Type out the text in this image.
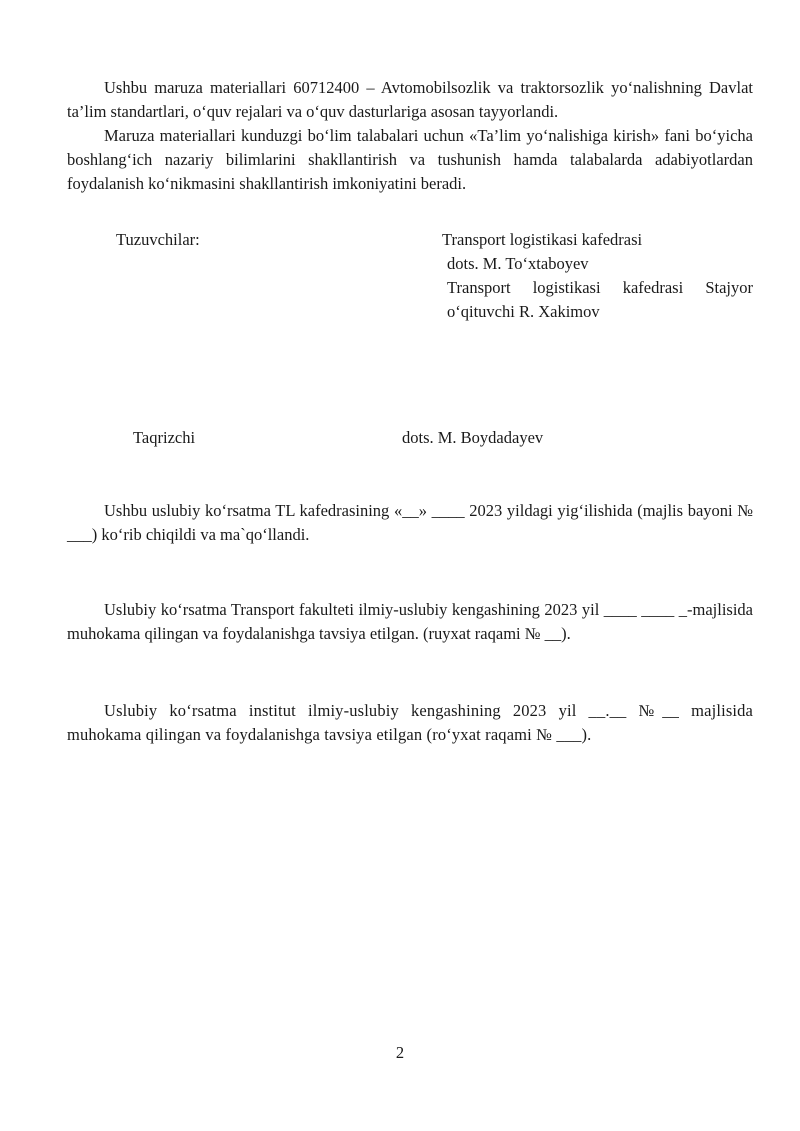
Ushbu maruza materiallari 60712400 – Avtomobilsozlik va traktorsozlik yo‘nalishning Davlat ta’lim standartlari, o‘quv rejalari va o‘quv dasturlariga asosan tayyorlandi.

Maruza materiallari kunduzgi bo‘lim talabalari uchun «Ta’lim yo‘nalishiga kirish» fani bo‘yicha boshlang‘ich nazariy bilimlarini shakllantirish va tushunish hamda talabalarda adabiyotlardan foydalanish ko‘nikmasini shakllantirish imkoniyatini beradi.

Tuzuvchilar:	Transport logistikasi kafedrasi
dots. M. To‘xtaboyev
Transport logistikasi kafedrasi Stajyor o‘qituvchi R. Xakimov
Taqrizchi	dots. M. Boydadayev

Ushbu uslubiy ko‘rsatma TL kafedrasining «__» ____ 2023 yildagi yig‘ilishida (majlis bayoni № ___) ko‘rib chiqildi va ma`qo‘llandi.

Uslubiy ko‘rsatma Transport fakulteti ilmiy-uslubiy kengashining 2023 yil ____ ____ _-majlisida muhokama qilingan va foydalanishga tavsiya etilgan. (ruyxat raqami № __).

Uslubiy ko‘rsatma institut ilmiy-uslubiy kengashining 2023 yil __.__ №__ majlisida muhokama qilingan va foydalanishga tavsiya etilgan (ro‘yxat raqami № ___).

2
